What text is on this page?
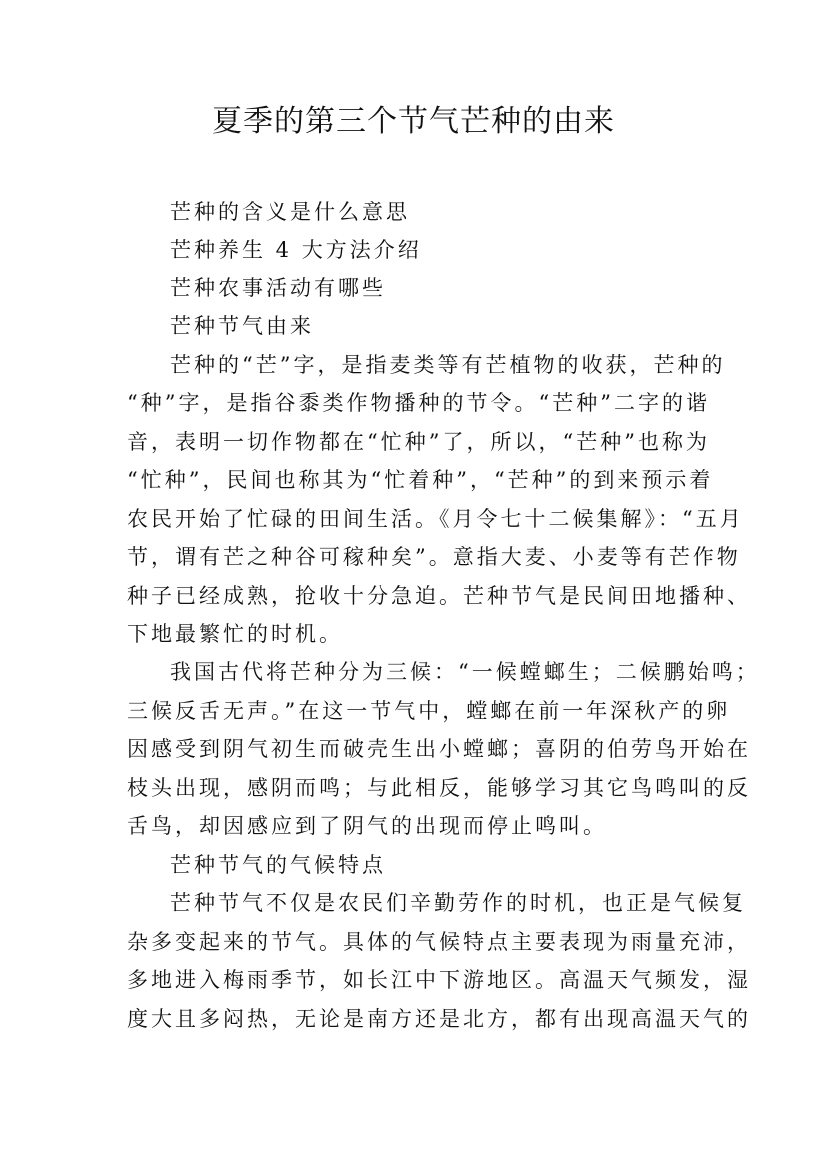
夏季的第三个节气芒种的由来

芒种的含义是什么意思

芒种养生 4 大方法介绍

芒种农事活动有哪些

芒种节气由来

芒种的“芒”字，是指麦类等有芒植物的收获，芒种的

“种”字，是指谷黍类作物播种的节令。“芒种”二字的谐

音，表明一切作物都在“忙种”了，所以，“芒种”也称为

“忙种”，民间也称其为“忙着种”，“芒种”的到来预示着

农民开始了忙碌的田间生活。《月令七十二候集解》：“五月

节，谓有芒之种谷可稼种矣”。意指大麦、小麦等有芒作物

种子已经成熟，抢收十分急迫。芒种节气是民间田地播种、

下地最繁忙的时机。

我国古代将芒种分为三候：“一候螳螂生；二候鹏始鸣；

三候反舌无声。”在这一节气中，螳螂在前一年深秋产的卵

因感受到阴气初生而破壳生出小螳螂；喜阴的伯劳鸟开始在

枝头出现，感阴而鸣；与此相反，能够学习其它鸟鸣叫的反

舌鸟，却因感应到了阴气的出现而停止鸣叫。

芒种节气的气候特点

芒种节气不仅是农民们辛勤劳作的时机，也正是气候复

杂多变起来的节气。具体的气候特点主要表现为雨量充沛，

多地进入梅雨季节，如长江中下游地区。高温天气频发，湿

度大且多闷热，无论是南方还是北方，都有出现高温天气的
